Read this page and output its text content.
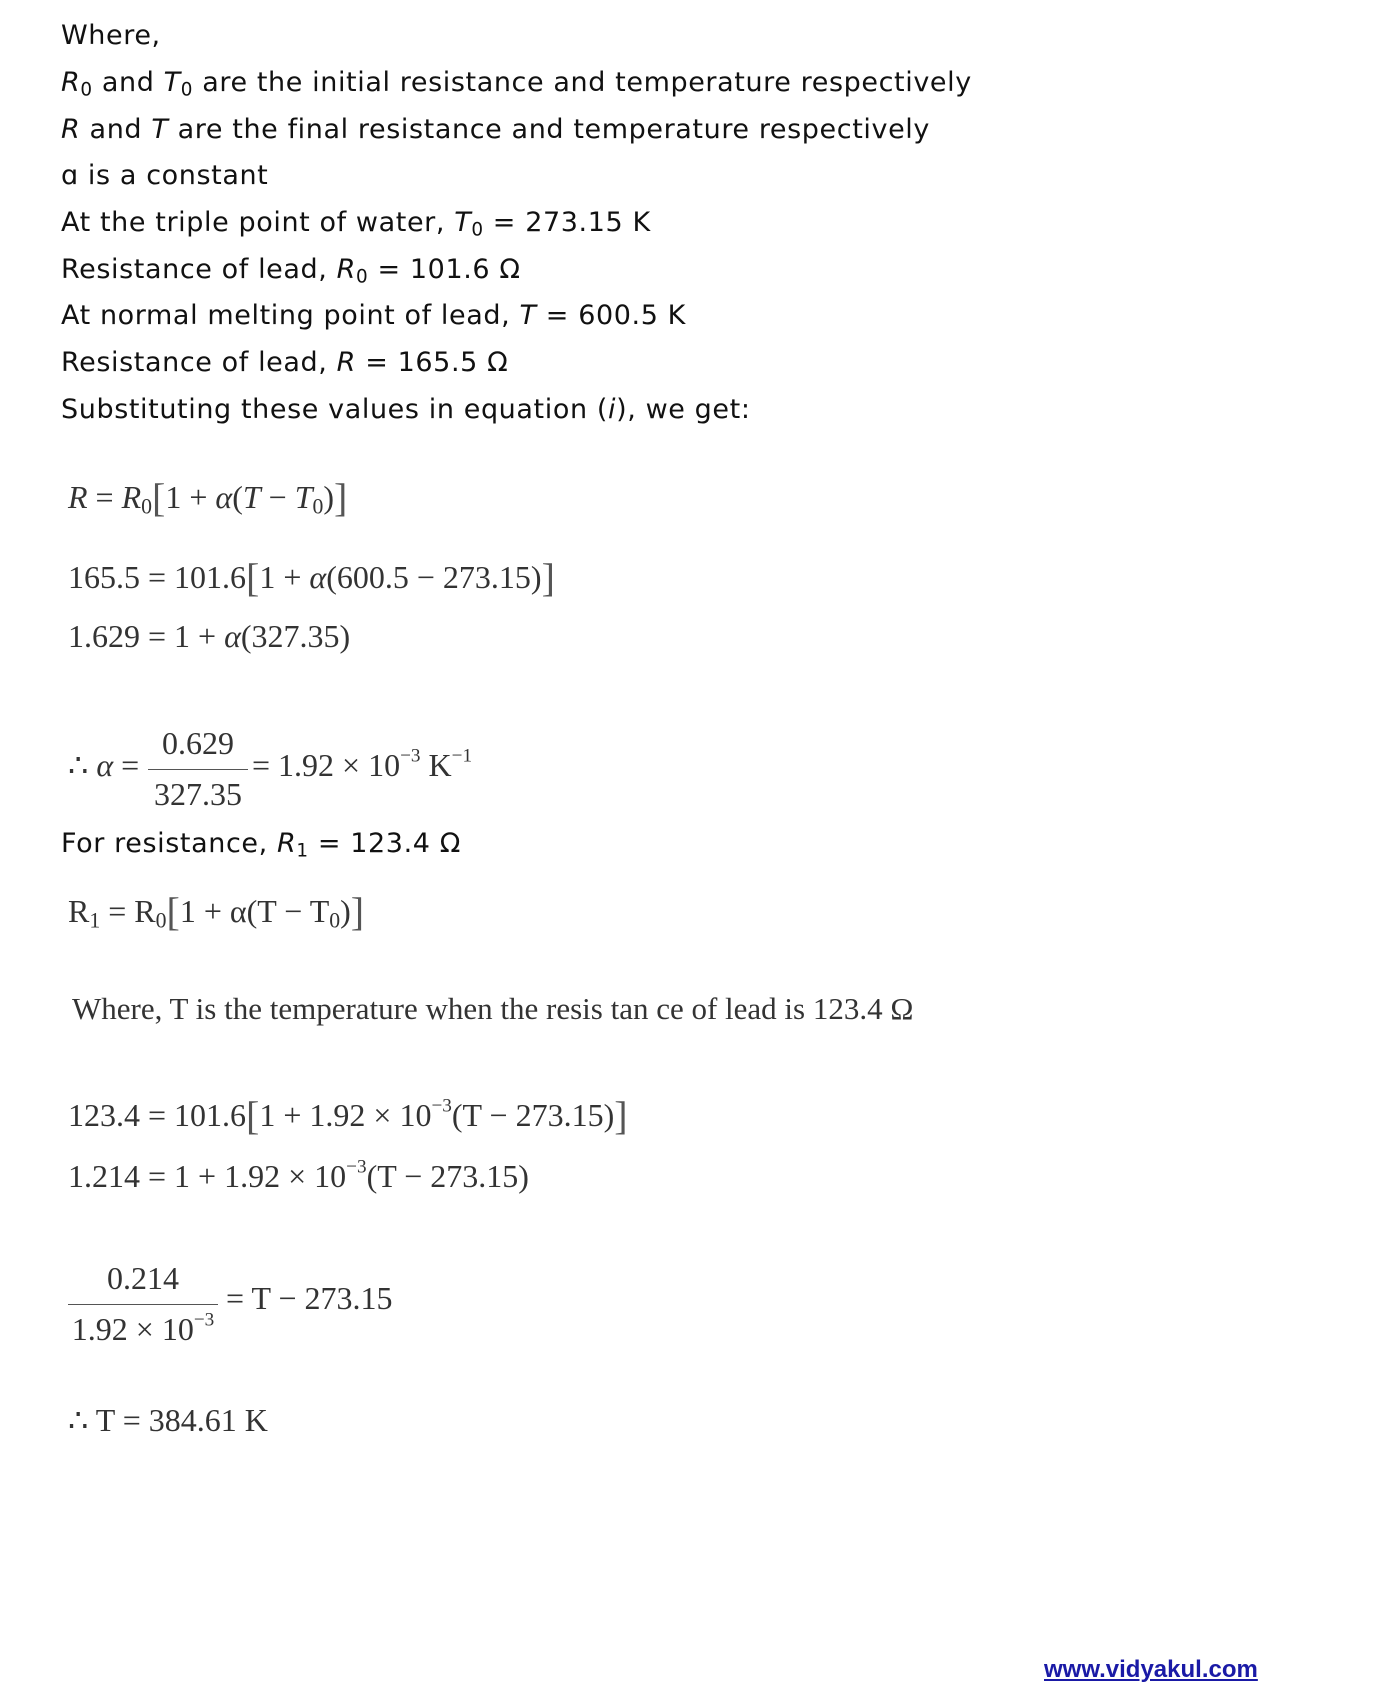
Where,
$R_0$ and $T_0$ are the initial resistance and temperature respectively
R and T are the final resistance and temperature respectively
ɑ is a constant
At the triple point of water, $T_0 = 273.15$ K
Resistance of lead, $R_0 = 101.6$ Ω
At normal melting point of lead, T = 600.5 K
Resistance of lead, R = 165.5 Ω
Substituting these values in equation (i), we get:
$R = R_0[1 + \alpha(T - T_0)]$
165.5 = 101.6[1 + α(600.5 − 273.15)]
1.629 = 1 + α(327.35)
∴ $\alpha = \frac{0.629}{327.35} = 1.92 \times 10^{-3}$ $K^{-1}$
For resistance, $R_1 = 123.4$ Ω
$R_1 = R_0[1 + \alpha(T - T_0)]$
Where, T is the temperature when the resis tan ce of lead is 123.4 Ω
$123.4 = 101.6[1 + 1.92 \times 10^{-3}(T - 273.15)]$
$1.214 = 1 + 1.92 \times 10^{-3}(T - 273.15)$
$\frac{0.214}{1.92 \times 10^{-3}} = T - 273.15$
∴ T = 384.61 K
www.vidyakul.com
